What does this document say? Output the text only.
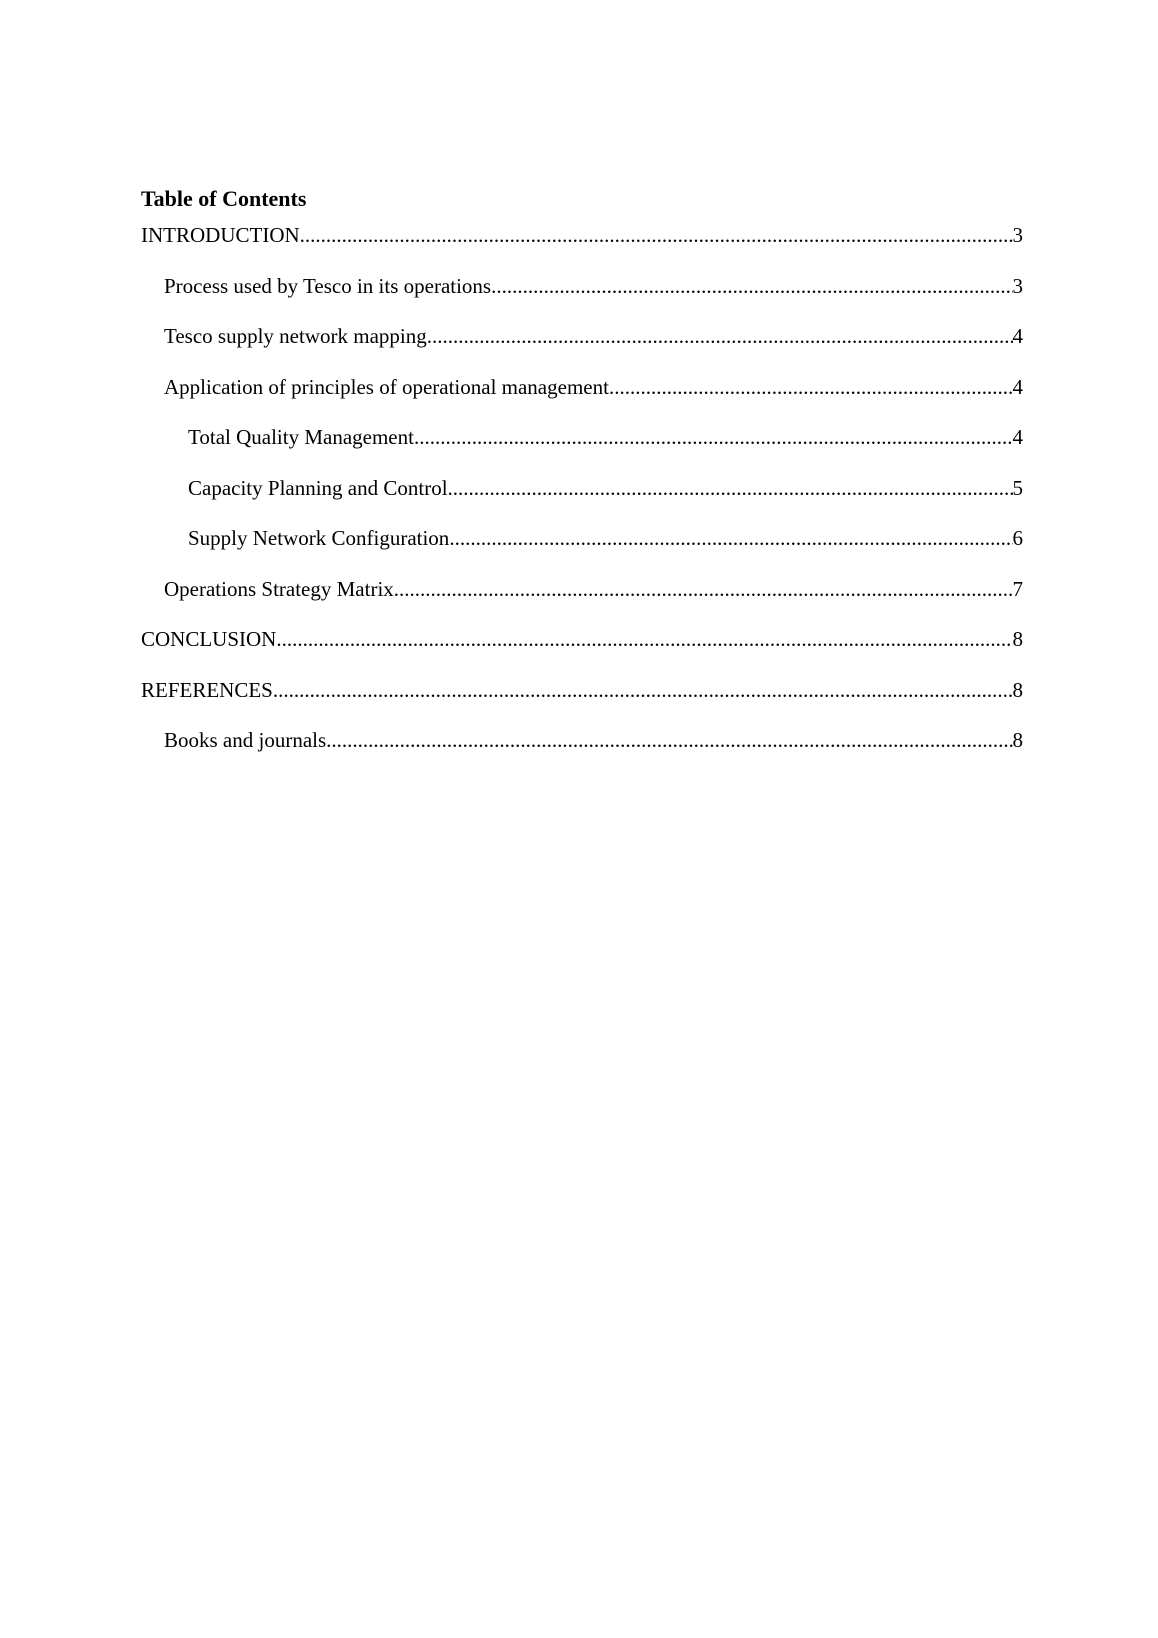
Table of Contents
INTRODUCTION .....	3
Process used by Tesco in its operations .....	3
Tesco supply network mapping .....	4
Application of principles of operational management .....	4
Total Quality Management .....	4
Capacity Planning and Control .....	5
Supply Network Configuration .....	6
Operations Strategy Matrix .....	7
CONCLUSION .....	8
REFERENCES .....	8
Books and journals .....	8
